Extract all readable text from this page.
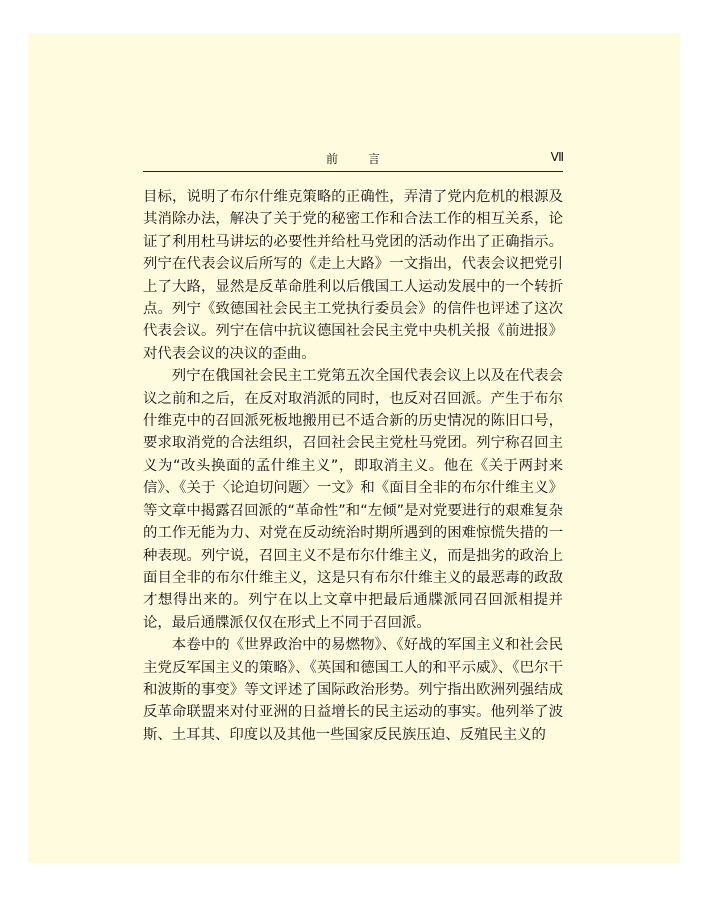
前言	Ⅶ

目标，说明了布尔什维克策略的正确性，弄清了党内危机的根源及其消除办法，解决了关于党的秘密工作和合法工作的相互关系，论证了利用杜马讲坛的必要性并给杜马党团的活动作出了正确指示。列宁在代表会议后所写的《走上大路》一文指出，代表会议把党引上了大路，显然是反革命胜利以后俄国工人运动发展中的一个转折点。列宁《致德国社会民主工党执行委员会》的信件也评述了这次代表会议。列宁在信中抗议德国社会民主党中央机关报《前进报》对代表会议的决议的歪曲。

列宁在俄国社会民主工党第五次全国代表会议上以及在代表会议之前和之后，在反对取消派的同时，也反对召回派。产生于布尔什维克中的召回派死板地搬用已不适合新的历史情况的陈旧口号，要求取消党的合法组织，召回社会民主党杜马党团。列宁称召回主义为“改头换面的孟什维主义”，即取消主义。他在《关于两封来信》、《关于〈论迫切问题〉一文》和《面目全非的布尔什维主义》等文章中揭露召回派的“革命性”和“左倾”是对党要进行的艰难复杂的工作无能为力、对党在反动统治时期所遇到的困难惊慌失措的一种表现。列宁说，召回主义不是布尔什维主义，而是拙劣的政治上面目全非的布尔什维主义，这是只有布尔什维主义的最恶毒的政敌才想得出来的。列宁在以上文章中把最后通牒派同召回派相提并论，最后通牒派仅仅在形式上不同于召回派。

本卷中的《世界政治中的易燃物》、《好战的军国主义和社会民主党反军国主义的策略》、《英国和德国工人的和平示威》、《巴尔干和波斯的事变》等文评述了国际政治形势。列宁指出欧洲列强结成反革命联盟来对付亚洲的日益增长的民主运动的事实。他列举了波斯、土耳其、印度以及其他一些国家反民族压迫、反殖民主义的
